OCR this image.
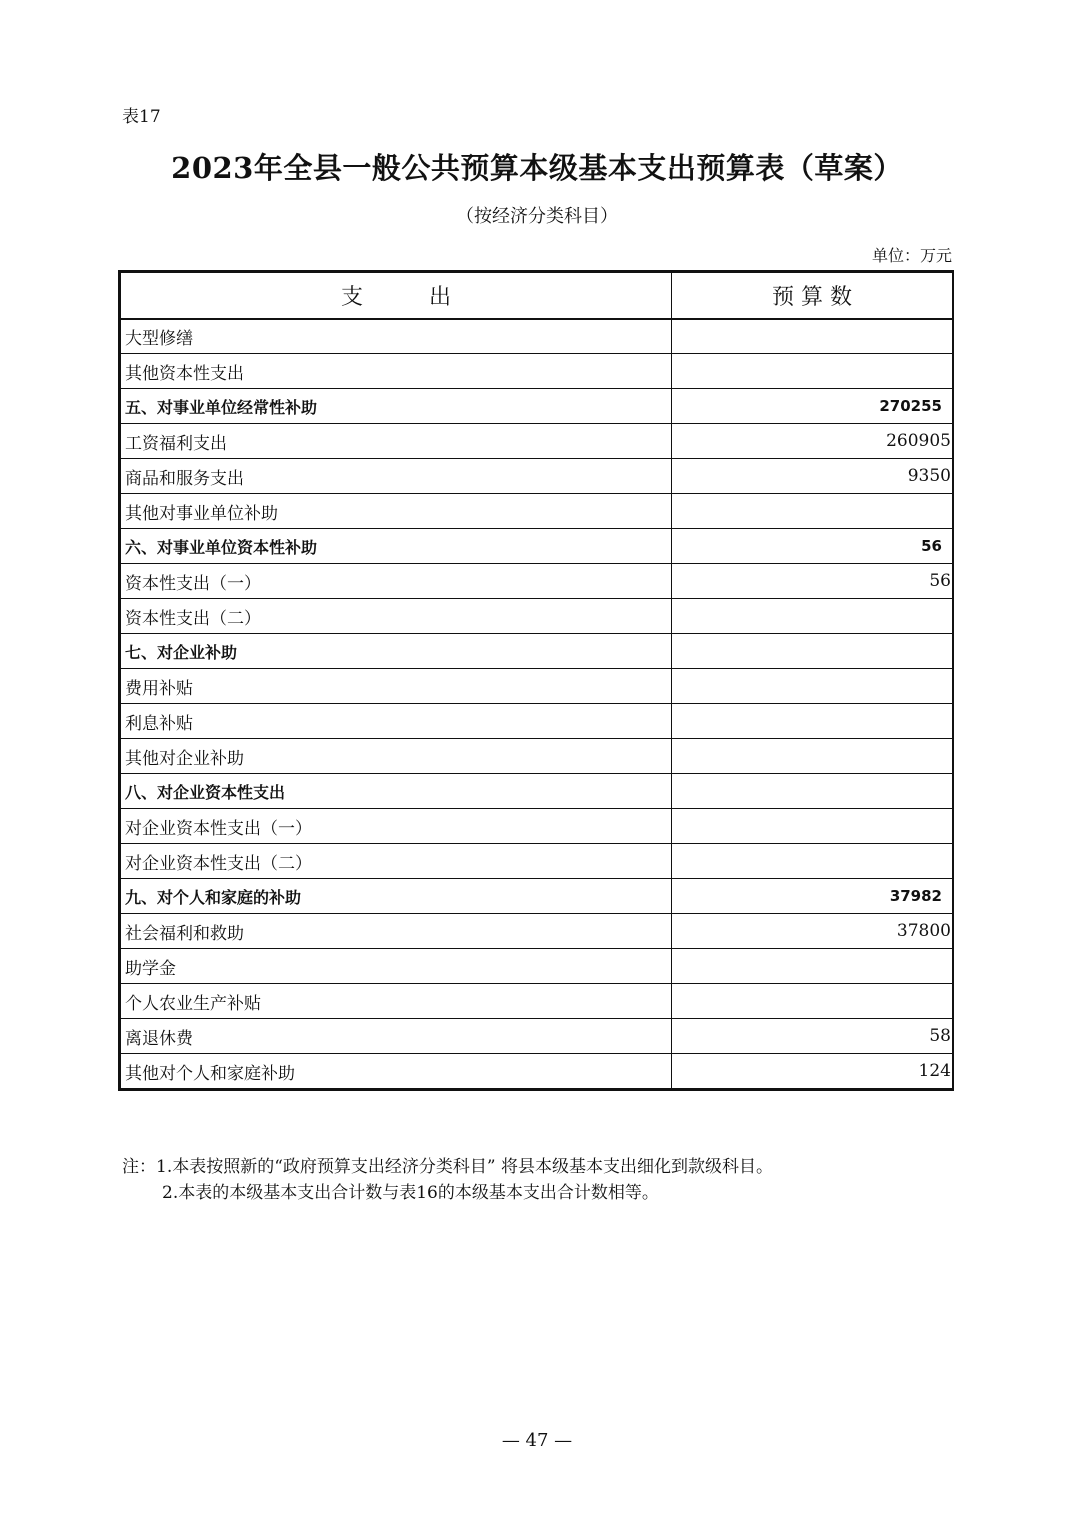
表17
2023年全县一般公共预算本级基本支出预算表（草案）
（按经济分类科目）
单位：万元
支　　　出	预 算 数
大型修缮	
其他资本性支出	
五、对事业单位经常性补助	270255
工资福利支出	260905
商品和服务支出	9350
其他对事业单位补助	
六、对事业单位资本性补助	56
资本性支出（一）	56
资本性支出（二）	
七、对企业补助	
费用补贴	
利息补贴	
其他对企业补助	
八、对企业资本性支出	
对企业资本性支出（一）	
对企业资本性支出（二）	
九、对个人和家庭的补助	37982
社会福利和救助	37800
助学金	
个人农业生产补贴	
离退休费	58
其他对个人和家庭补助	124
注：1.本表按照新的“政府预算支出经济分类科目” 将县本级基本支出细化到款级科目。
2.本表的本级基本支出合计数与表16的本级基本支出合计数相等。
— 47 —
